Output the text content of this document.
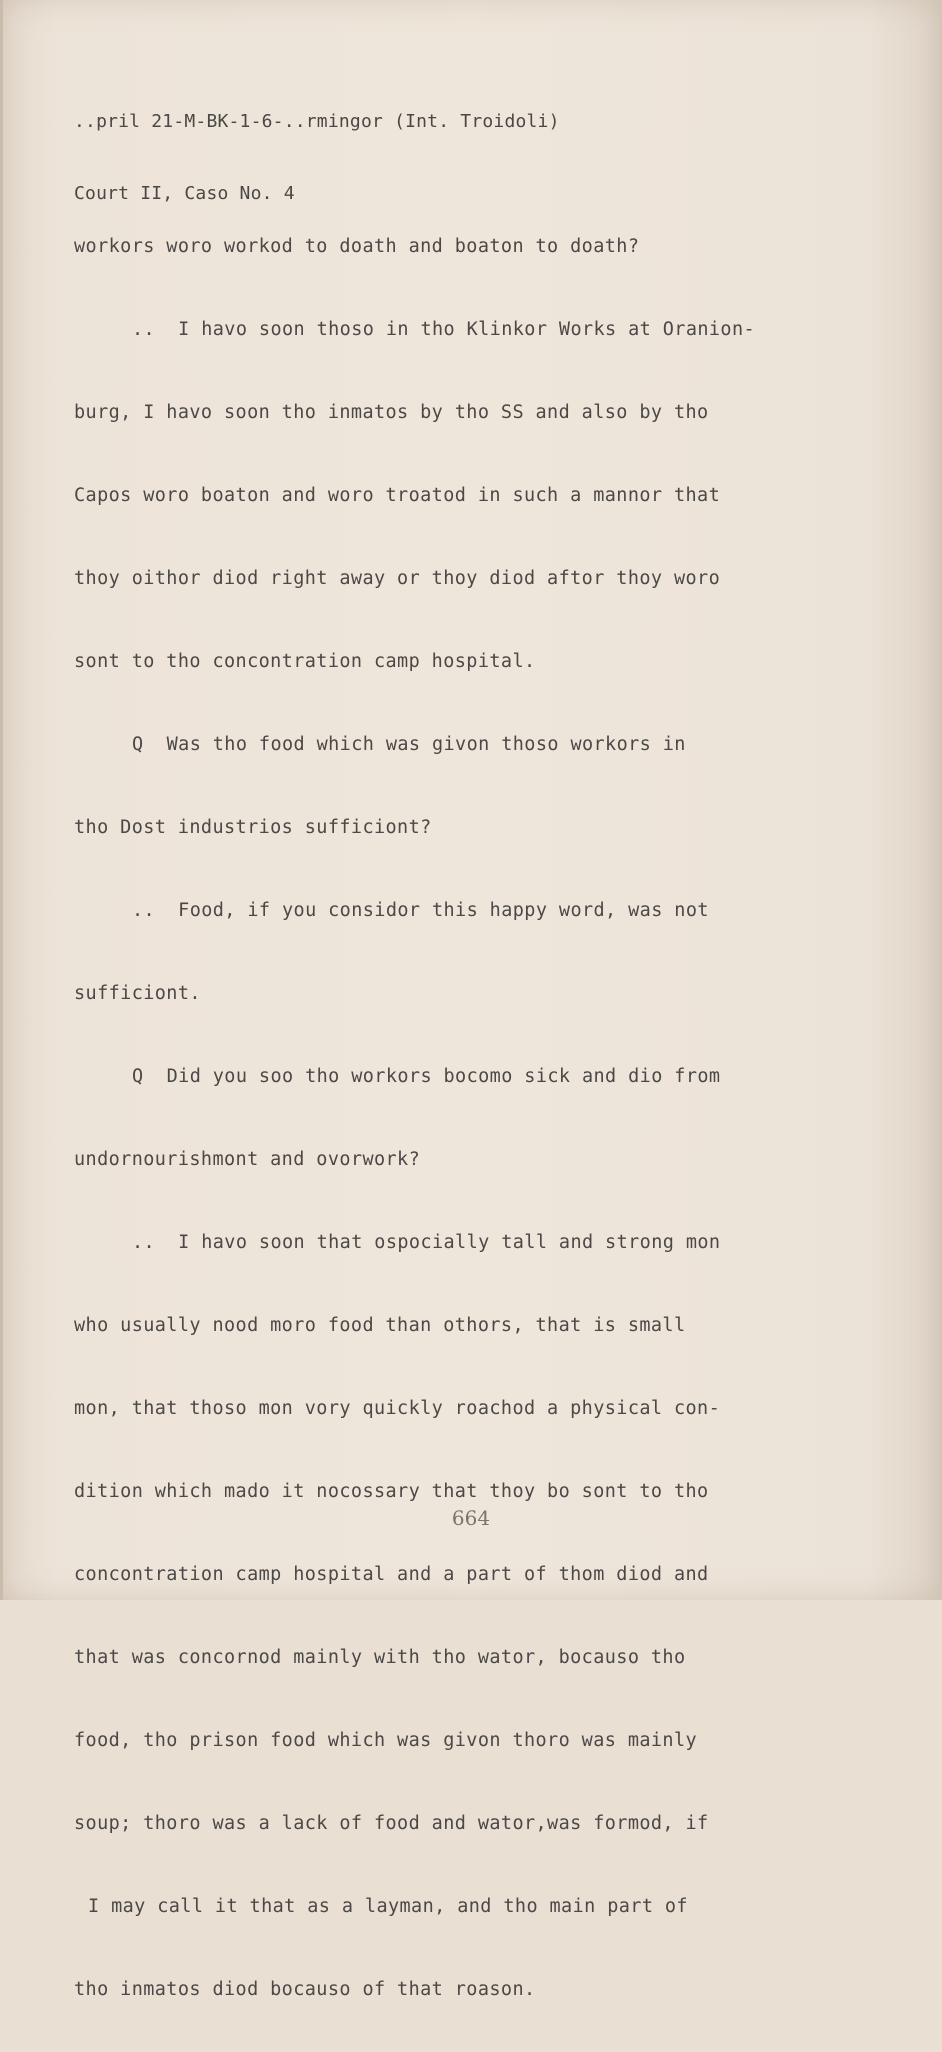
..pril 21-M-BK-1-6-..rmingor (Int. Troidoli)

Court II, Caso No. 4

workors woro workod to doath and boaton to doath?

..  I havo soon thoso in tho Klinkor Works at Oranion-

burg, I havo soon tho inmatos by tho SS and also by tho

Capos woro boaton and woro troatod in such a mannor that

thoy oithor diod right away or thoy diod aftor thoy woro

sont to tho concontration camp hospital.

Q  Was tho food which was givon thoso workors in

tho Dost industrios sufficiont?

..  Food, if you considor this happy word, was not

sufficiont.

Q  Did you soo tho workors bocomo sick and dio from

undornourishmont and ovorwork?

..  I havo soon that ospocially tall and strong mon

who usually nood moro food than othors, that is small

mon, that thoso mon vory quickly roachod a physical con-

dition which mado it nocossary that thoy bo sont to tho

concontration camp hospital and a part of thom diod and

that was concornod mainly with tho wator, bocauso tho

food, tho prison food which was givon thoro was mainly

soup; thoro was a lack of food and wator,was formod, if

I may call it that as a layman, and tho main part of

tho inmatos diod bocauso of that roason.

664
